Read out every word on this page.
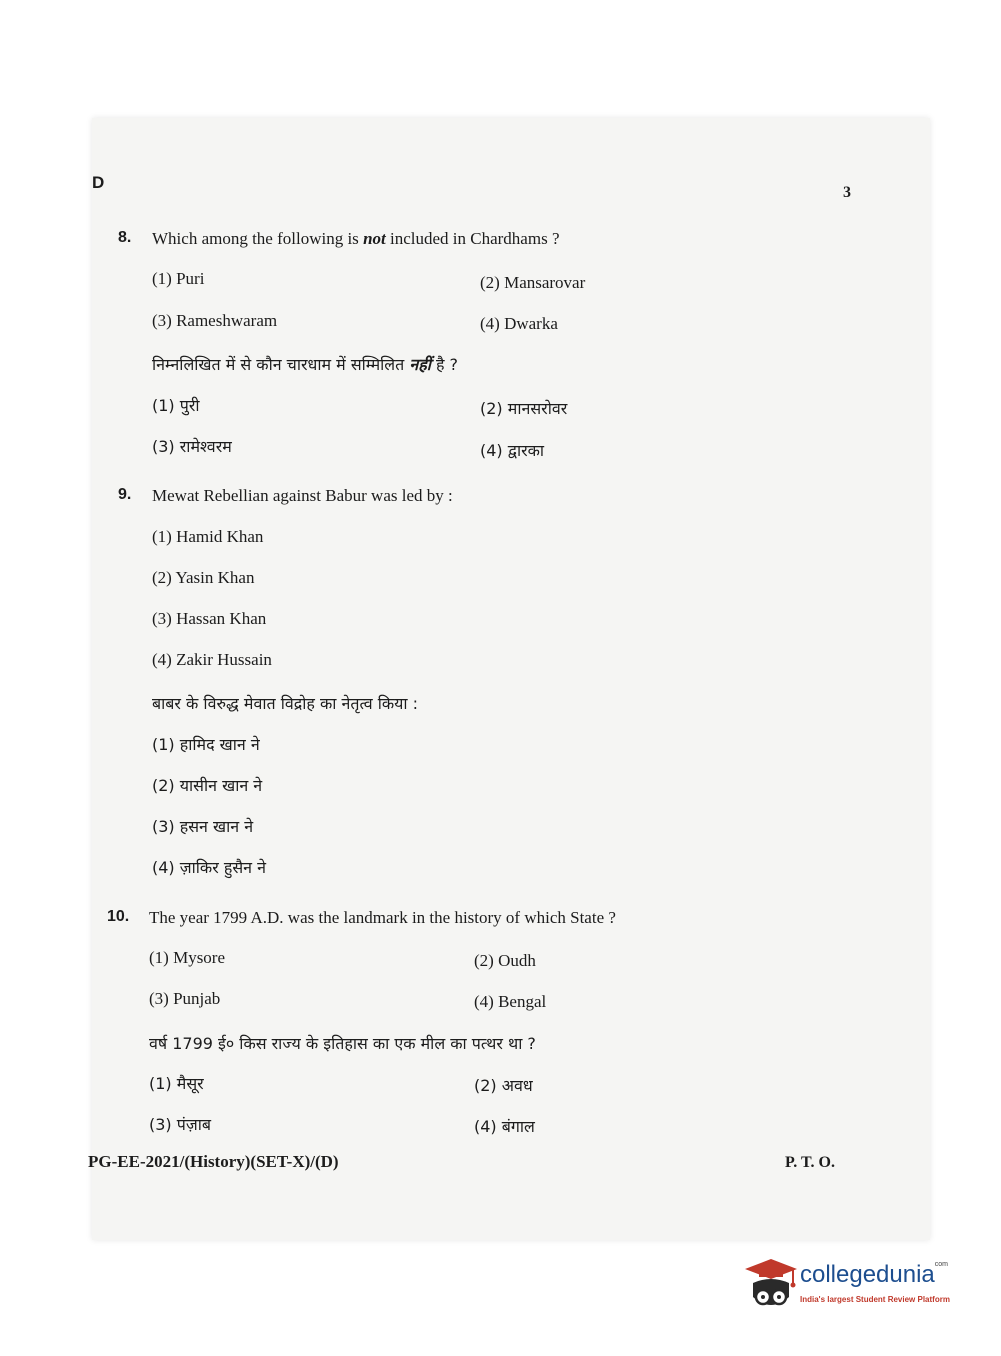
D
3
8. Which among the following is not included in Chardhams ?
(1) Puri	(2) Mansarovar
(3) Rameshwaram	(4) Dwarka
निम्नलिखित में से कौन चारधाम में सम्मिलित नहीं है ?
(1) पुरी	(2) मानसरोवर
(3) रामेश्वरम	(4) द्वारका
9. Mewat Rebellian against Babur was led by :
(1) Hamid Khan
(2) Yasin Khan
(3) Hassan Khan
(4) Zakir Hussain
बाबर के विरुद्ध मेवात विद्रोह का नेतृत्व किया :
(1) हामिद खान ने
(2) यासीन खान ने
(3) हसन खान ने
(4) ज़ाकिर हुसैन ने
10. The year 1799 A.D. was the landmark in the history of which State ?
(1) Mysore	(2) Oudh
(3) Punjab	(4) Bengal
वर्ष 1799 ई० किस राज्य के इतिहास का एक मील का पत्थर था ?
(1) मैसूर	(2) अवध
(3) पंज़ाब	(4) बंगाल
PG-EE-2021/(History)(SET-X)/(D)	P. T. O.
collegedunia$^{com}$
India's largest Student Review Platform
